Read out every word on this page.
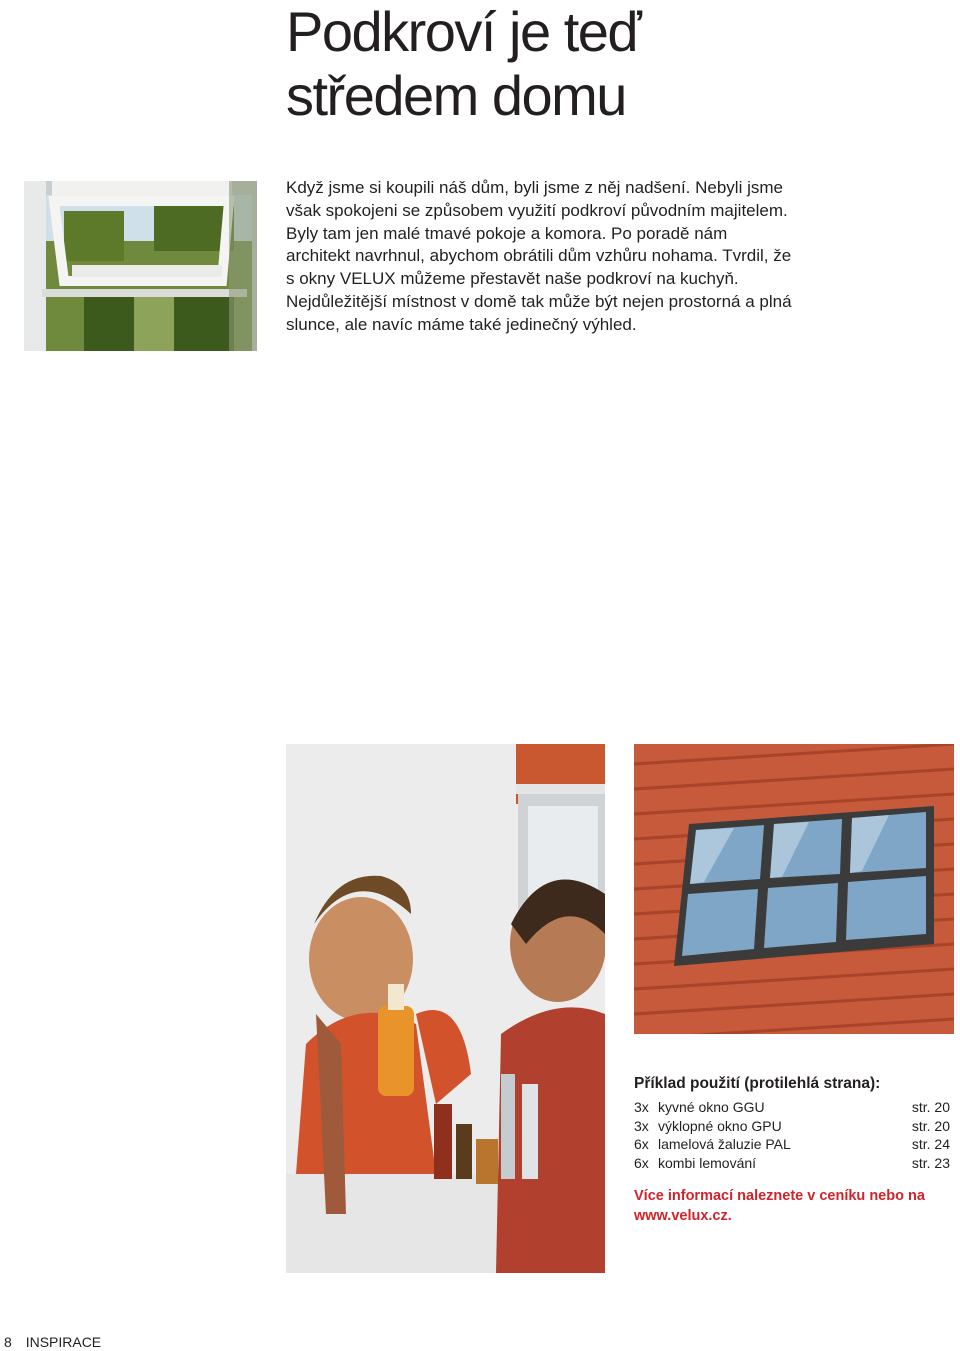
Podkroví je teď
středem domu

Když jsme si koupili náš dům, byli jsme z něj nadšení. Nebyli jsme však spokojeni se způsobem využití podkroví původním majitelem. Byly tam jen malé tmavé pokoje a komora. Po poradě nám architekt navrhnul, abychom obrátili dům vzhůru nohama. Tvrdil, že s okny VELUX můžeme přestavět naše podkroví na kuchyň. Nejdůležitější místnost v domě tak může být nejen prostorná a plná slunce, ale navíc máme také jedinečný výhled.

Příklad použití (protilehlá strana):
3x	kyvné okno GGU	str. 20
3x	výklopné okno GPU	str. 20
6x	lamelová žaluzie PAL	str. 24
6x	kombi lemování	str. 23

Více informací naleznete v ceníku nebo na www.velux.cz.

8 INSPIRACE
